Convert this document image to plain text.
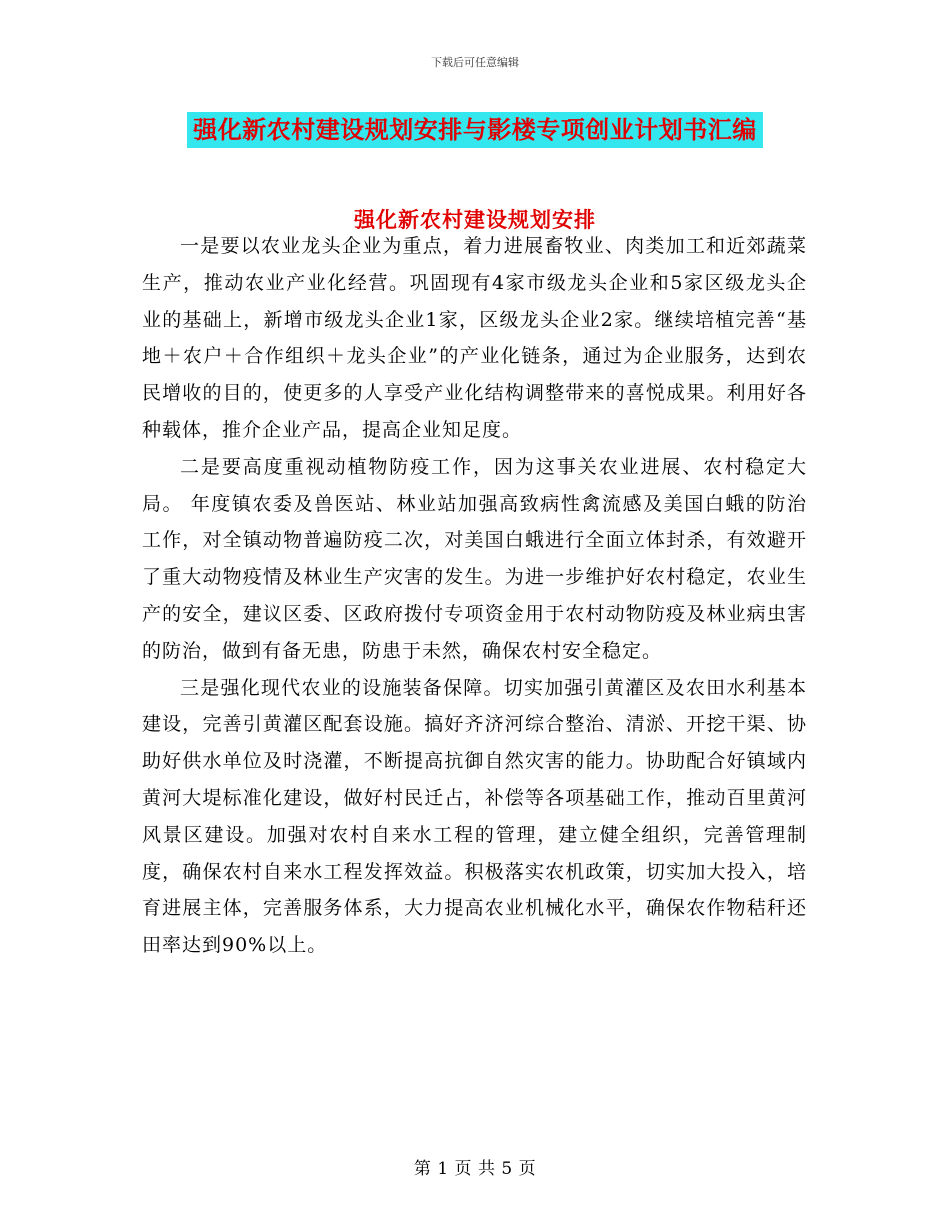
下载后可任意编辑
强化新农村建设规划安排与影楼专项创业计划书汇编
强化新农村建设规划安排

一是要以农业龙头企业为重点，着力进展畜牧业、肉类加工和近郊蔬菜生产，推动农业产业化经营。巩固现有4家市级龙头企业和5家区级龙头企业的基础上，新增市级龙头企业1家，区级龙头企业2家。继续培植完善“基地＋农户＋合作组织＋龙头企业”的产业化链条，通过为企业服务，达到农民增收的目的，使更多的人享受产业化结构调整带来的喜悦成果。利用好各种载体，推介企业产品，提高企业知足度。

二是要高度重视动植物防疫工作，因为这事关农业进展、农村稳定大局。 年度镇农委及兽医站、林业站加强高致病性禽流感及美国白蛾的防治工作，对全镇动物普遍防疫二次，对美国白蛾进行全面立体封杀，有效避开了重大动物疫情及林业生产灾害的发生。为进一步维护好农村稳定，农业生产的安全，建议区委、区政府拨付专项资金用于农村动物防疫及林业病虫害的防治，做到有备无患，防患于未然，确保农村安全稳定。

三是强化现代农业的设施装备保障。切实加强引黄灌区及农田水利基本建设，完善引黄灌区配套设施。搞好齐济河综合整治、清淤、开挖干渠、协助好供水单位及时浇灌，不断提高抗御自然灾害的能力。协助配合好镇域内黄河大堤标准化建设，做好村民迁占，补偿等各项基础工作，推动百里黄河风景区建设。加强对农村自来水工程的管理，建立健全组织，完善管理制度，确保农村自来水工程发挥效益。积极落实农机政策，切实加大投入，培育进展主体，完善服务体系，大力提高农业机械化水平，确保农作物秸秆还田率达到90%以上。

第 1 页 共 5 页
